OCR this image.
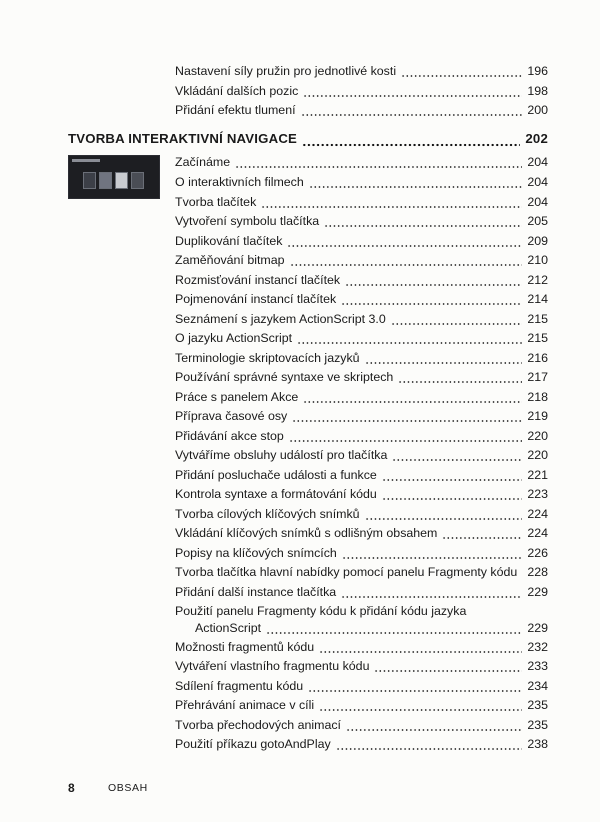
Nastavení síly pružin pro jednotlivé kosti	196
Vkládání dalších pozic	198
Přidání efektu tlumení	200
TVORBA INTERAKTIVNÍ NAVIGACE	202
Začínáme	204
O interaktivních filmech	204
Tvorba tlačítek	204
Vytvoření symbolu tlačítka	205
Duplikování tlačítek	209
Zaměňování bitmap	210
Rozmisťování instancí tlačítek	212
Pojmenování instancí tlačítek	214
Seznámení s jazykem ActionScript 3.0	215
O jazyku ActionScript	215
Terminologie skriptovacích jazyků	216
Používání správné syntaxe ve skriptech	217
Práce s panelem Akce	218
Příprava časové osy	219
Přidávání akce stop	220
Vytváříme obsluhy událostí pro tlačítka	220
Přidání posluchače události a funkce	221
Kontrola syntaxe a formátování kódu	223
Tvorba cílových klíčových snímků	224
Vkládání klíčových snímků s odlišným obsahem	224
Popisy na klíčových snímcích	226
Tvorba tlačítka hlavní nabídky pomocí panelu Fragmenty kódu 228
Přidání další instance tlačítka	229
Použití panelu Fragmenty kódu k přidání kódu jazyka
ActionScript	229
Možnosti fragmentů kódu	232
Vytváření vlastního fragmentu kódu	233
Sdílení fragmentu kódu	234
Přehrávání animace v cíli	235
Tvorba přechodových animací	235
Použití příkazu gotoAndPlay	238
8	OBSAH
